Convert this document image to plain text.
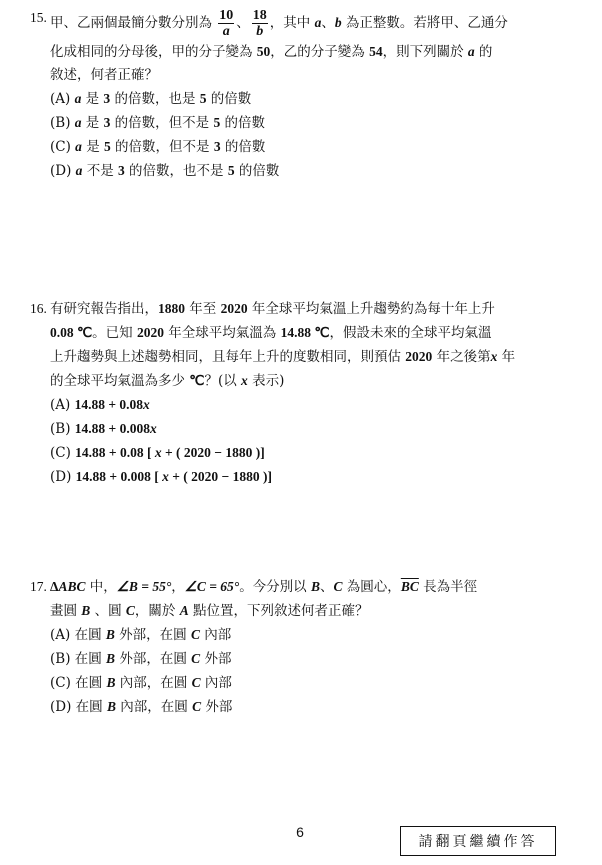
15. 甲、乙兩個最簡分數分別為 $\frac{10}{a}$ 、 $\frac{18}{b}$ ，其中 a、b 為正整數。若將甲、乙通分
化成相同的分母後，甲的分子變為 50，乙的分子變為 54，則下列關於 a 的
敘述，何者正確？
(A) a 是 3 的倍數，也是 5 的倍數
(B) a 是 3 的倍數，但不是 5 的倍數
(C) a 是 5 的倍數，但不是 3 的倍數
(D) a 不是 3 的倍數，也不是 5 的倍數
16. 有研究報告指出，1880 年至 2020 年全球平均氣溫上升趨勢約為每十年上升
0.08 ℃。已知 2020 年全球平均氣溫為 14.88 ℃，假設未來的全球平均氣溫
上升趨勢與上述趨勢相同，且每年上升的度數相同，則預估 2020 年之後第x 年
的全球平均氣溫為多少 ℃？(以 x 表示)
(A) 14.88 + 0.08x
(B) 14.88 + 0.008x
(C) 14.88 + 0.08 [ x + ( 2020 − 1880 )]
(D) 14.88 + 0.008 [ x + ( 2020 − 1880 )]
17. ΔABC 中，∠B = 55°，∠C = 65°。今分別以 B、C 為圓心，$\overline{BC}$ 長為半徑
畫圓 B 、圓 C，關於 A 點位置，下列敘述何者正確？
(A) 在圓 B 外部，在圓 C 內部
(B) 在圓 B 外部，在圓 C 外部
(C) 在圓 B 內部，在圓 C 內部
(D) 在圓 B 內部，在圓 C 外部
6
請翻頁繼續作答
